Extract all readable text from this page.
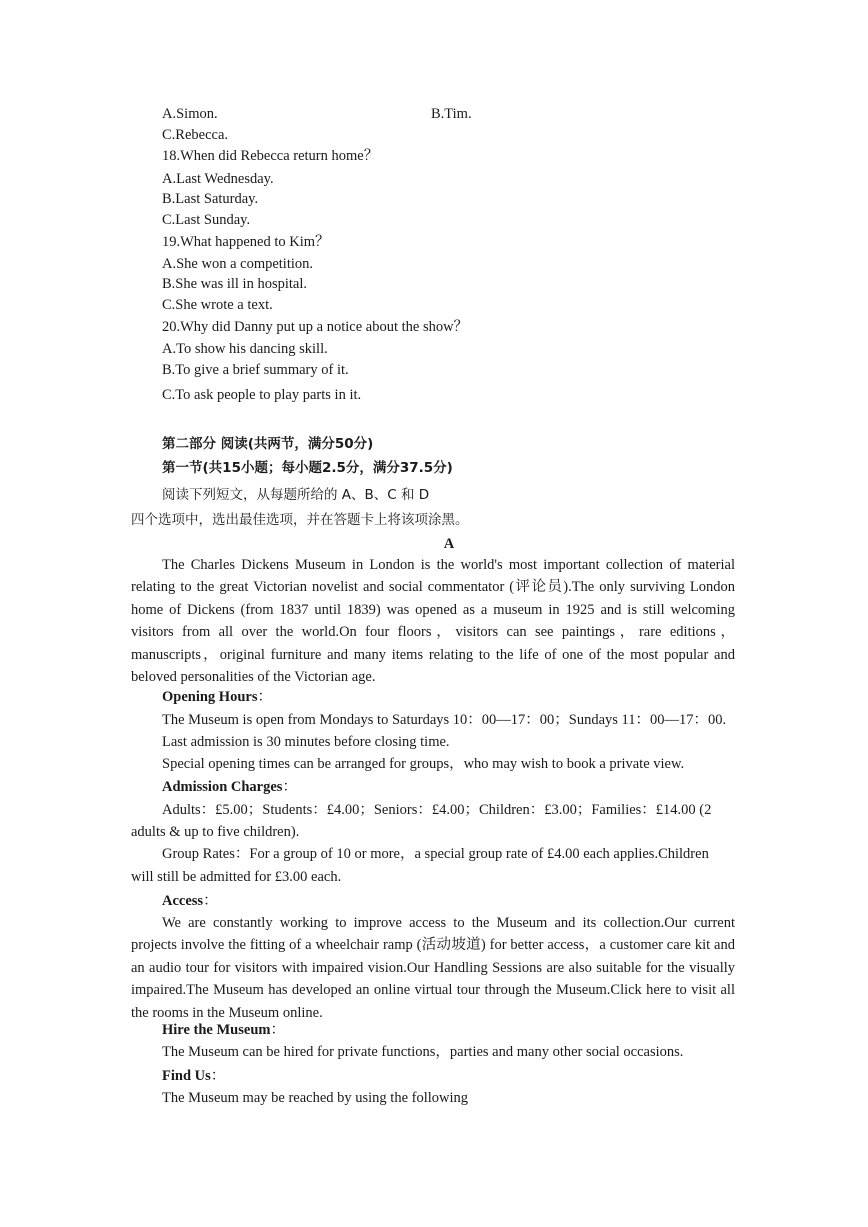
A.Simon.	B.Tim.
C.Rebecca.
18.When did Rebecca return home？
A.Last Wednesday.
B.Last Saturday.
C.Last Sunday.
19.What happened to Kim？
A.She won a competition.
B.She was ill in hospital.
C.She wrote a text.
20.Why did Danny put up a notice about the show？
A.To show his dancing skill.
B.To give a brief summary of it.
C.To ask people to play parts in it.
第二部分 阅读(共两节，满分50分)
第一节(共15小题；每小题2.5分，满分37.5分)
阅读下列短文，从每题所给的 A、B、C 和 D
四个选项中，选出最佳选项，并在答题卡上将该项涂黑。
A

The Charles Dickens Museum in London is the world's most important collection of material relating to the great Victorian novelist and social commentator (评论员).The only surviving London home of Dickens (from 1837 until 1839) was opened as a museum in 1925 and is still welcoming visitors from all over the world.On four floors，visitors can see paintings，rare editions，manuscripts，original furniture and many items relating to the life of one of the most popular and beloved personalities of the Victorian age.

Opening Hours：
The Museum is open from Mondays to Saturdays 10：00—17：00；Sundays 11：00—17：00.
Last admission is 30 minutes before closing time.
Special opening times can be arranged for groups，who may wish to book a private view.
Admission Charges：
Adults：£5.00；Students：£4.00；Seniors：£4.00；Children：£3.00；Families：£14.00 (2
adults & up to five children).
Group Rates：For a group of 10 or more，a special group rate of £4.00 each applies.Children
will still be admitted for £3.00 each.
Access：

We are constantly working to improve access to the Museum and its collection.Our current projects involve the fitting of a wheelchair ramp (活动坡道) for better access，a customer care kit and an audio tour for visitors with impaired vision.Our Handling Sessions are also suitable for the visually impaired.The Museum has developed an online virtual tour through the Museum.Click here to visit all the rooms in the Museum online.

Hire the Museum：
The Museum can be hired for private functions，parties and many other social occasions.
Find Us：
The Museum may be reached by using the following
